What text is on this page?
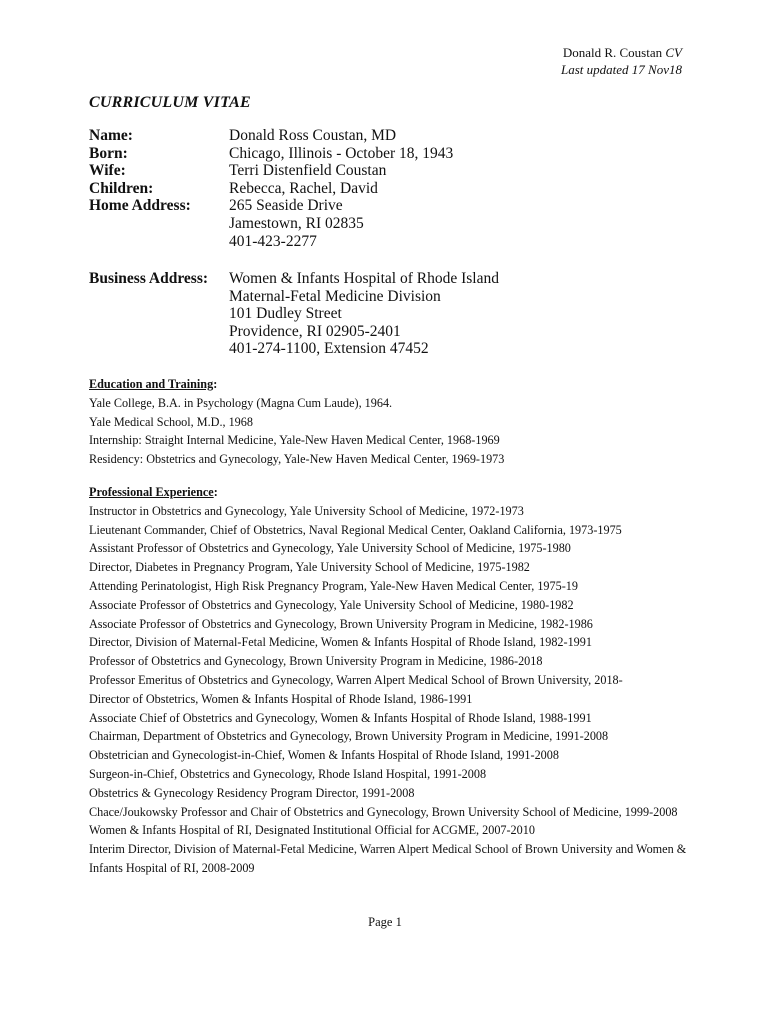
Donald R. Coustan CV
Last updated 17 Nov18
CURRICULUM VITAE
Name:	Donald Ross Coustan, MD
Born:	Chicago, Illinois - October 18, 1943
Wife:	Terri Distenfield Coustan
Children:	Rebecca, Rachel, David
Home Address:	265 Seaside Drive
Jamestown, RI 02835
401-423-2277
Business Address:	Women & Infants Hospital of Rhode Island
Maternal-Fetal Medicine Division
101 Dudley Street
Providence, RI 02905-2401
401-274-1100, Extension 47452
Education and Training:
Yale College, B.A. in Psychology (Magna Cum Laude), 1964.
Yale Medical School, M.D., 1968
Internship: Straight Internal Medicine, Yale-New Haven Medical Center, 1968-1969
Residency: Obstetrics and Gynecology, Yale-New Haven Medical Center, 1969-1973
Professional Experience:
Instructor in Obstetrics and Gynecology, Yale University School of Medicine, 1972-1973
Lieutenant Commander, Chief of Obstetrics, Naval Regional Medical Center, Oakland California, 1973-1975
Assistant Professor of Obstetrics and Gynecology, Yale University School of Medicine, 1975-1980
Director, Diabetes in Pregnancy Program, Yale University School of Medicine, 1975-1982
Attending Perinatologist, High Risk Pregnancy Program, Yale-New Haven Medical Center, 1975-19
Associate Professor of Obstetrics and Gynecology, Yale University School of Medicine, 1980-1982
Associate Professor of Obstetrics and Gynecology, Brown University Program in Medicine, 1982-1986
Director, Division of Maternal-Fetal Medicine, Women & Infants Hospital of Rhode Island, 1982-1991
Professor of Obstetrics and Gynecology, Brown University Program in Medicine, 1986-2018
Professor Emeritus of Obstetrics and Gynecology, Warren Alpert Medical School of Brown University, 2018-
Director of Obstetrics, Women & Infants Hospital of Rhode Island, 1986-1991
Associate Chief of Obstetrics and Gynecology, Women & Infants Hospital of Rhode Island, 1988-1991
Chairman, Department of Obstetrics and Gynecology, Brown University Program in Medicine, 1991-2008
Obstetrician and Gynecologist-in-Chief, Women & Infants Hospital of Rhode Island, 1991-2008
Surgeon-in-Chief, Obstetrics and Gynecology, Rhode Island Hospital, 1991-2008
Obstetrics & Gynecology Residency Program Director, 1991-2008
Chace/Joukowsky Professor and Chair of Obstetrics and Gynecology, Brown University School of Medicine, 1999-2008
Women & Infants Hospital of RI, Designated Institutional Official for ACGME, 2007-2010
Interim Director, Division of Maternal-Fetal Medicine, Warren Alpert Medical School of Brown University and Women & Infants Hospital of RI, 2008-2009
Page 1
